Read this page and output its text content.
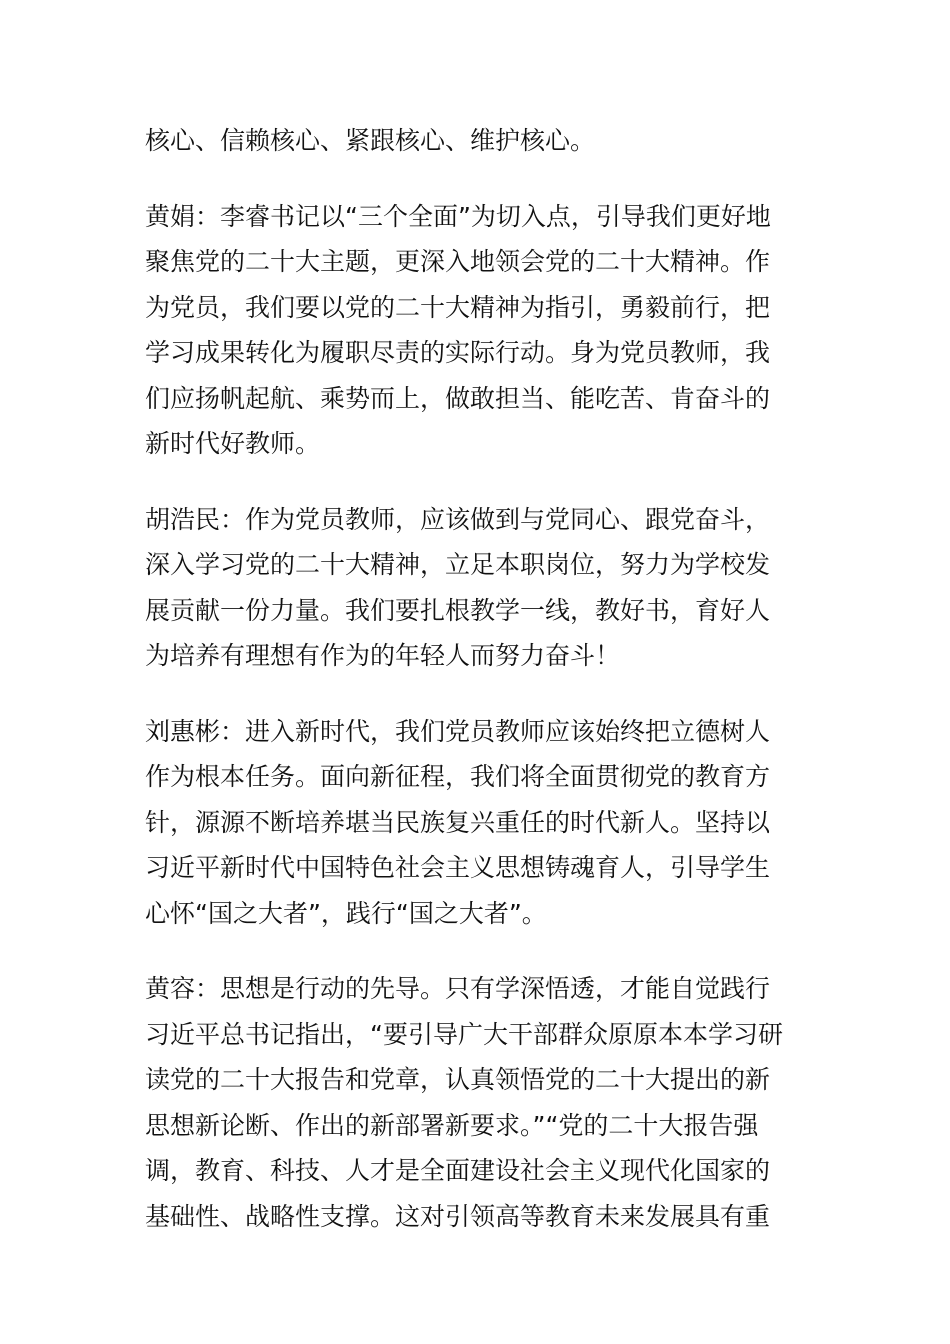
核心、信赖核心、紧跟核心、维护核心。

黄娟：李睿书记以“三个全面”为切入点，引导我们更好地
聚焦党的二十大主题，更深入地领会党的二十大精神。作
为党员，我们要以党的二十大精神为指引，勇毅前行，把
学习成果转化为履职尽责的实际行动。身为党员教师，我
们应扬帆起航、乘势而上，做敢担当、能吃苦、肯奋斗的
新时代好教师。

胡浩民：作为党员教师，应该做到与党同心、跟党奋斗，
深入学习党的二十大精神，立足本职岗位，努力为学校发
展贡献一份力量。我们要扎根教学一线，教好书，育好人
为培养有理想有作为的年轻人而努力奋斗！

刘惠彬：进入新时代，我们党员教师应该始终把立德树人
作为根本任务。面向新征程，我们将全面贯彻党的教育方
针，源源不断培养堪当民族复兴重任的时代新人。坚持以
习近平新时代中国特色社会主义思想铸魂育人，引导学生
心怀“国之大者”，践行“国之大者”。

黄容：思想是行动的先导。只有学深悟透，才能自觉践行
习近平总书记指出，“要引导广大干部群众原原本本学习研
读党的二十大报告和党章，认真领悟党的二十大提出的新
思想新论断、作出的新部署新要求。”“党的二十大报告强
调，教育、科技、人才是全面建设社会主义现代化国家的
基础性、战略性支撑。这对引领高等教育未来发展具有重
